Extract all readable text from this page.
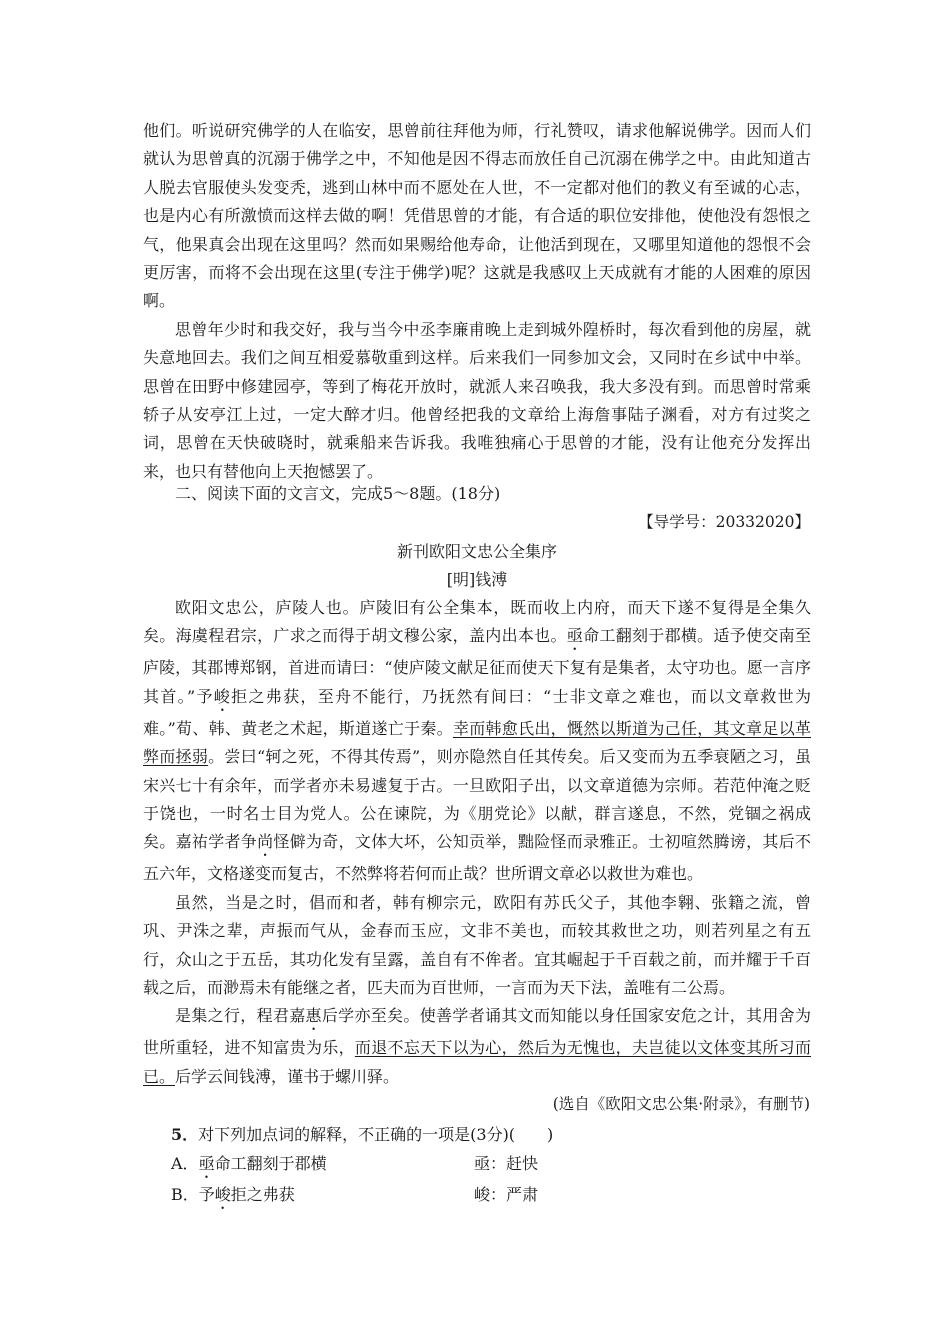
他们。听说研究佛学的人在临安，思曾前往拜他为师，行礼赞叹，请求他解说佛学。因而人们就认为思曾真的沉溺于佛学之中，不知他是因不得志而放任自己沉溺在佛学之中。由此知道古人脱去官服使头发变秃，逃到山林中而不愿处在人世，不一定都对他们的教义有至诚的心志，也是内心有所激愤而这样去做的啊！凭借思曾的才能，有合适的职位安排他，使他没有怨恨之气，他果真会出现在这里吗？然而如果赐给他寿命，让他活到现在，又哪里知道他的怨恨不会更厉害，而将不会出现在这里(专注于佛学)呢？这就是我感叹上天成就有才能的人困难的原因啊。

思曾年少时和我交好，我与当今中丞李廉甫晚上走到城外隍桥时，每次看到他的房屋，就失意地回去。我们之间互相爱慕敬重到这样。后来我们一同参加文会，又同时在乡试中中举。思曾在田野中修建园亭，等到了梅花开放时，就派人来召唤我，我大多没有到。而思曾时常乘轿子从安亭江上过，一定大醉才归。他曾经把我的文章给上海詹事陆子渊看，对方有过奖之词，思曾在天快破晓时，就乘船来告诉我。我唯独痛心于思曾的才能，没有让他充分发挥出来，也只有替他向上天抱憾罢了。

二、阅读下面的文言文，完成5～8题。(18分)

【导学号：20332020】
新刊欧阳文忠公全集序
[明]钱溥

欧阳文忠公，庐陵人也。庐陵旧有公全集本，既而收上内府，而天下遂不复得是全集久矣。海虞程君宗，广求之而得于胡文穆公家，盖内出本也。亟命工翻刻于郡横。适予使交南至庐陵，其郡博郑钢，首进而请曰：“使庐陵文献足征而使天下复有是集者，太守功也。愿一言序其首。”予峻拒之弗获，至舟不能行，乃抚然有间曰：“士非文章之难也，而以文章救世为难。”荀、韩、黄老之术起，斯道遂亡于秦。幸而韩愈氏出，慨然以斯道为己任，其文章足以革弊而拯弱。尝曰“轲之死，不得其传焉”，则亦隐然自任其传矣。后又变而为五季衰陋之习，虽宋兴七十有余年，而学者亦未易遽复于古。一旦欧阳子出，以文章道德为宗师。若范仲淹之贬于饶也，一时名士目为党人。公在谏院，为《朋党论》以献，群言遂息，不然，党锢之祸成矣。嘉祐学者争尚怪僻为奇，文体大坏，公知贡举，黜险怪而录雅正。士初喧然腾谤，其后不五六年，文格遂变而复古，不然弊将若何而止哉？世所谓文章必以救世为难也。

虽然，当是之时，倡而和者，韩有柳宗元，欧阳有苏氏父子，其他李翱、张籍之流，曾巩、尹洙之辈，声振而气从，金春而玉应，文非不美也，而较其救世之功，则若列星之有五行，众山之于五岳，其功化发有呈露，盖自有不侔者。宜其崛起于千百载之前，而并耀于千百载之后，而渺焉未有能继之者，匹夫而为百世师，一言而为天下法，盖唯有二公焉。

是集之行，程君嘉惠后学亦至矣。使善学者诵其文而知能以身任国家安危之计，其用舍为世所重轻，进不知富贵为乐，而退不忘天下以为心，然后为无愧也，夫岂徒以文体变其所习而已。后学云间钱溥，谨书于螺川驿。

(选自《欧阳文忠公集·附录》，有删节)
5．对下列加点词的解释，不正确的一项是(3分)(　　)
A．亟命工翻刻于郡横	亟：赶快
B．予峻拒之弗获	峻：严肃
